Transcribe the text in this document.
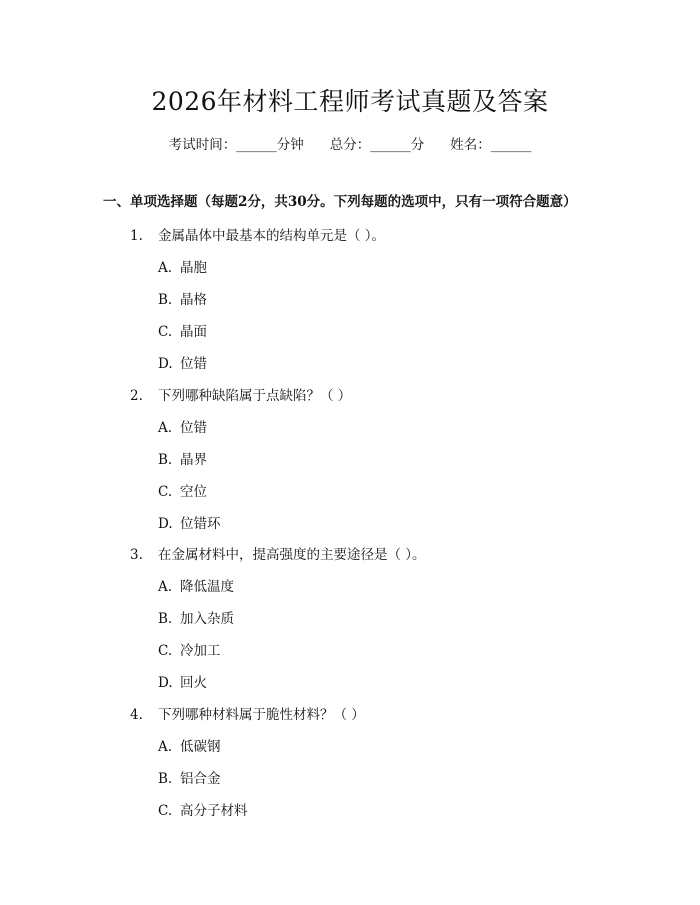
2026年材料工程师考试真题及答案
考试时间：______分钟 总分：______分 姓名：______
一、单项选择题（每题2分，共30分。下列每题的选项中，只有一项符合题意）
1. 金属晶体中最基本的结构单元是（ ）。
A. 晶胞
B. 晶格
C. 晶面
D. 位错
2. 下列哪种缺陷属于点缺陷？（ ）
A. 位错
B. 晶界
C. 空位
D. 位错环
3. 在金属材料中，提高强度的主要途径是（ ）。
A. 降低温度
B. 加入杂质
C. 冷加工
D. 回火
4. 下列哪种材料属于脆性材料？（ ）
A. 低碳钢
B. 铝合金
C. 高分子材料
